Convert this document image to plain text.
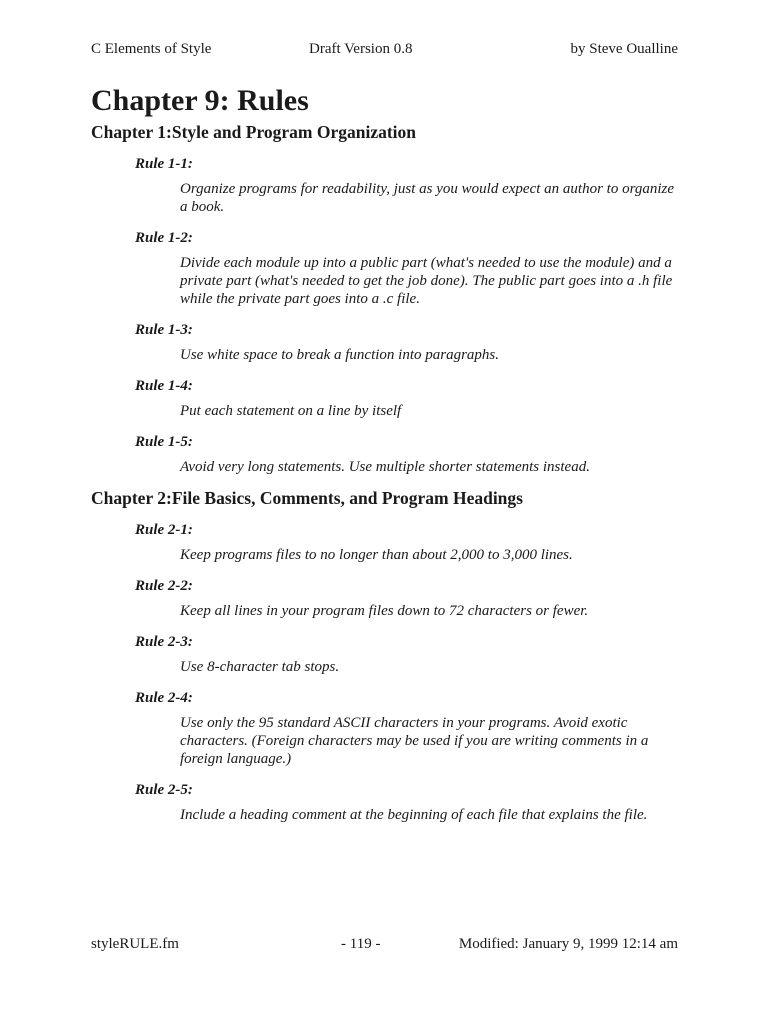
C Elements of Style	Draft Version 0.8	by Steve Oualline
Chapter 9: Rules
Chapter 1:Style and Program Organization
Rule 1-1:

Organize programs for readability, just as you would expect an author to organize a book.

Rule 1-2:

Divide each module up into a public part (what's needed to use the module) and a private part (what's needed to get the job done). The public part goes into a .h file while the private part goes into a .c file.

Rule 1-3:

Use white space to break a function into paragraphs.

Rule 1-4:

Put each statement on a line by itself

Rule 1-5:

Avoid very long statements. Use multiple shorter statements instead.

Chapter 2:File Basics, Comments, and Program Headings
Rule 2-1:

Keep programs files to no longer than about 2,000 to 3,000 lines.

Rule 2-2:

Keep all lines in your program files down to 72 characters or fewer.

Rule 2-3:

Use 8-character tab stops.

Rule 2-4:

Use only the 95 standard ASCII characters in your programs. Avoid exotic characters. (Foreign characters may be used if you are writing comments in a foreign language.)

Rule 2-5:

Include a heading comment at the beginning of each file that explains the file.

styleRULE.fm	- 119 -	Modified: January 9, 1999 12:14 am
